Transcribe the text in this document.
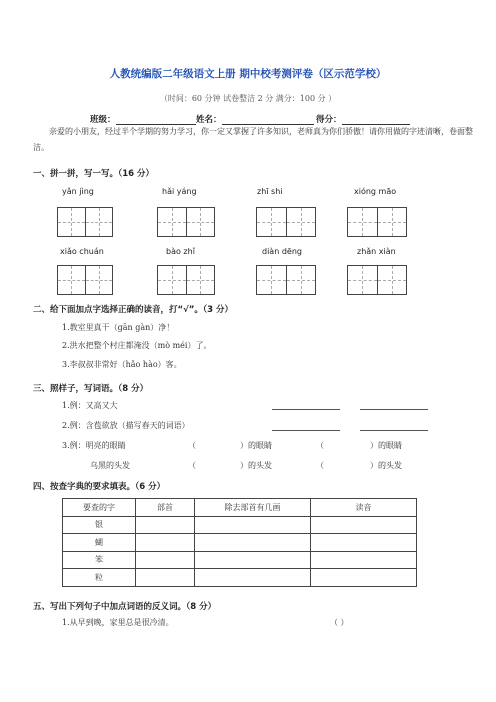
人教统编版二年级语文上册 期中校考测评卷（区示范学校）
（时间：60 分钟 试卷整洁 2 分 满分：100 分 ）
班级：	姓名：	得分：
亲爱的小朋友，经过半个学期的努力学习，你一定又掌握了许多知识，老师真为你们骄傲！请你用做的字迹清晰，卷面整洁。
一、拼一拼，写一写。（16 分）
yǎn jìng	hǎi yáng	zhī shi	xióng māo
xiǎo chuán	bào zhǐ	diàn dēng	zhǎn xiàn
二、给下面加点字选择正确的读音，打“√”。（3 分）
1.教室里真干（gān gàn）净！
2.洪水把整个村庄都淹没（mò méi）了。
3.李叔叔非常好（hǎo hào）客。
三、照样子，写词语。（8 分）
1.例：又高又大
2.例：含苞欲放（描写春天的词语）
3.例：明亮的眼睛	（	）的眼睛	（	）的眼睛
乌黑的头发	（	）的头发	（	）的头发
四、按查字典的要求填表。（6 分）
要查的字	部首	除去部首有几画	读音
银			
蝴			
笨			
粒			
五、写出下列句子中加点词语的反义词。（8 分）
1.从早到晚，家里总是很冷清。	（ ）
